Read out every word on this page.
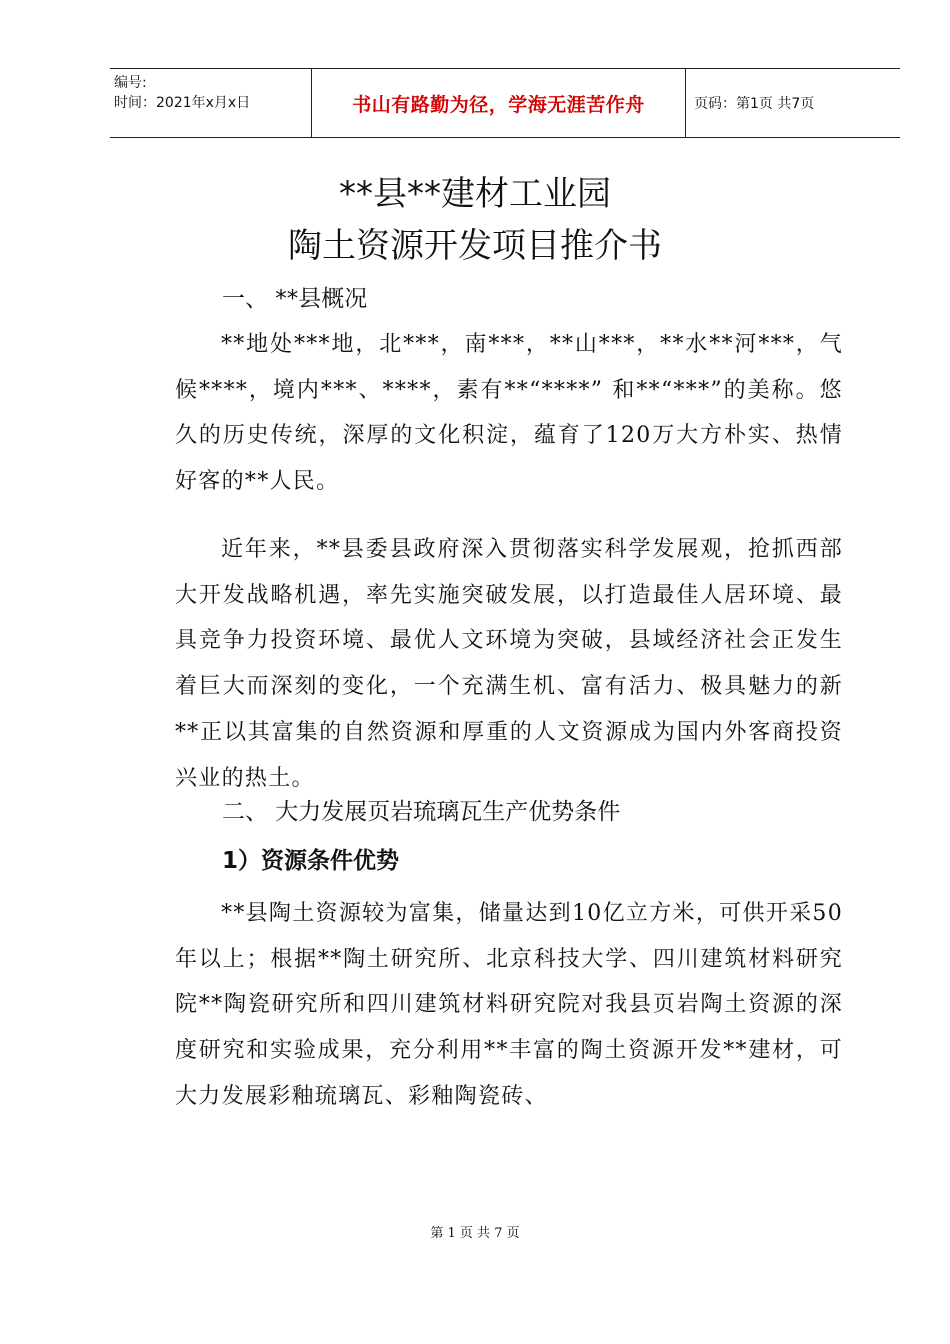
编号:
时间：2021年x月x日	书山有路勤为径，学海无涯苦作舟	页码：第1页 共7页
**县**建材工业园
陶土资源开发项目推介书
一、 **县概况

**地处***地，北***，南***，**山***，**水**河***，气候****，境内**‍*、****，素有**“****” 和**“***”的美称。悠久的历史传统，深厚的文化积淀，蕴育了120万大方朴实、热情好客的**人民。

近年来，**县委县政府深入贯彻落实科学发展观，抢抓西部大开发战略机遇，率先实施突破发展，以打造最佳人居环境、最具竞争力投资环境、最优人文环境为突破，县域经济社会正发生着巨大而深刻的变化，一个充满生机、富有活力、极具魅力的新**正以其富集的自然资源和厚重的人文资源成为国内外客商投资兴业的热土。

二、 大力发展页岩琉璃瓦生产优势条件
1）资源条件优势

**县陶土资源较为富集，储量达到10亿立方米，可供开采50年以上；根据**陶土研究所、北京科技大学、四川建筑材料研究院**陶瓷研究所和四川建筑材料研究院对我县页岩陶土资源的深度研究和实验成果，充分利用**丰富的陶土资源开发**建材，可大力发展彩釉琉璃瓦、彩釉陶瓷砖、

第 1 页 共 7 页
